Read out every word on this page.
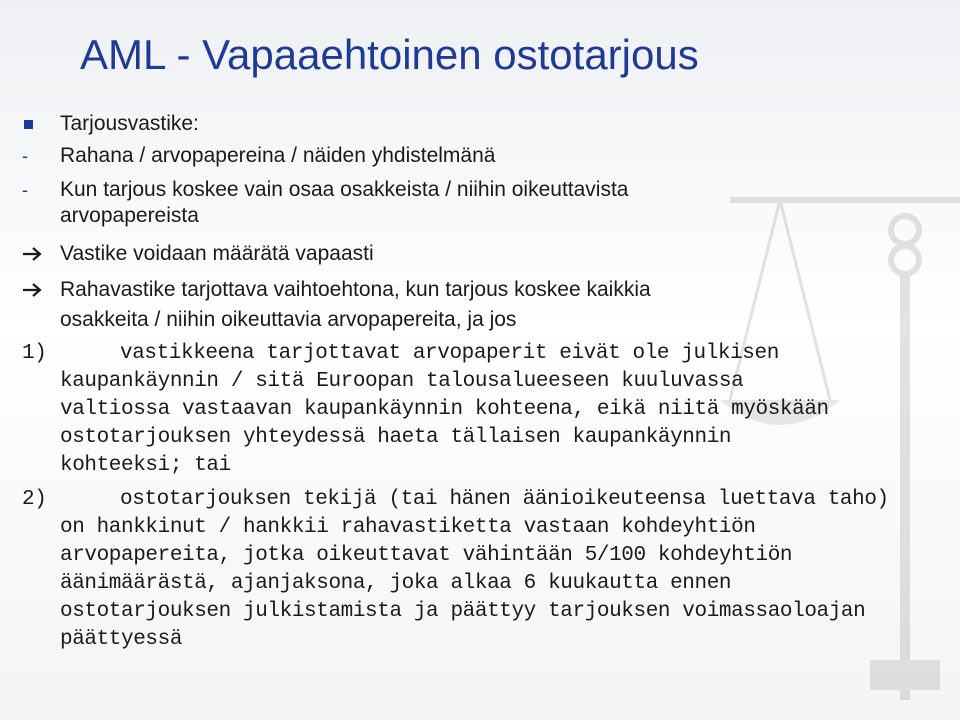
AML - Vapaaehtoinen ostotarjous

Tarjousvastike:

-	Rahana / arvopapereina / näiden yhdistelmänä

-	Kun tarjous koskee vain osaa osakkeista / niihin oikeuttavista

arvopapereista

Vastike voidaan määrätä vapaasti

Rahavastike tarjottava vaihtoehtona, kun tarjous koskee kaikkia

osakkeita / niihin oikeuttavia arvopapereita, ja jos

1)	vastikkeena tarjottavat arvopaperit eivät ole julkisen

kaupankäynnin / sitä Euroopan talousalueeseen kuuluvassa

valtiossa vastaavan kaupankäynnin kohteena, eikä niitä myöskään

ostotarjouksen yhteydessä haeta tällaisen kaupankäynnin

kohteeksi; tai

2)	ostotarjouksen tekijä (tai hänen äänioikeuteensa luettava taho)

on hankkinut / hankkii rahavastiketta vastaan kohdeyhtiön

arvopapereita, jotka oikeuttavat vähintään 5/100 kohdeyhtiön

äänimäärästä, ajanjaksona, joka alkaa 6 kuukautta ennen

ostotarjouksen julkistamista ja päättyy tarjouksen voimassaoloajan

päättyessä
